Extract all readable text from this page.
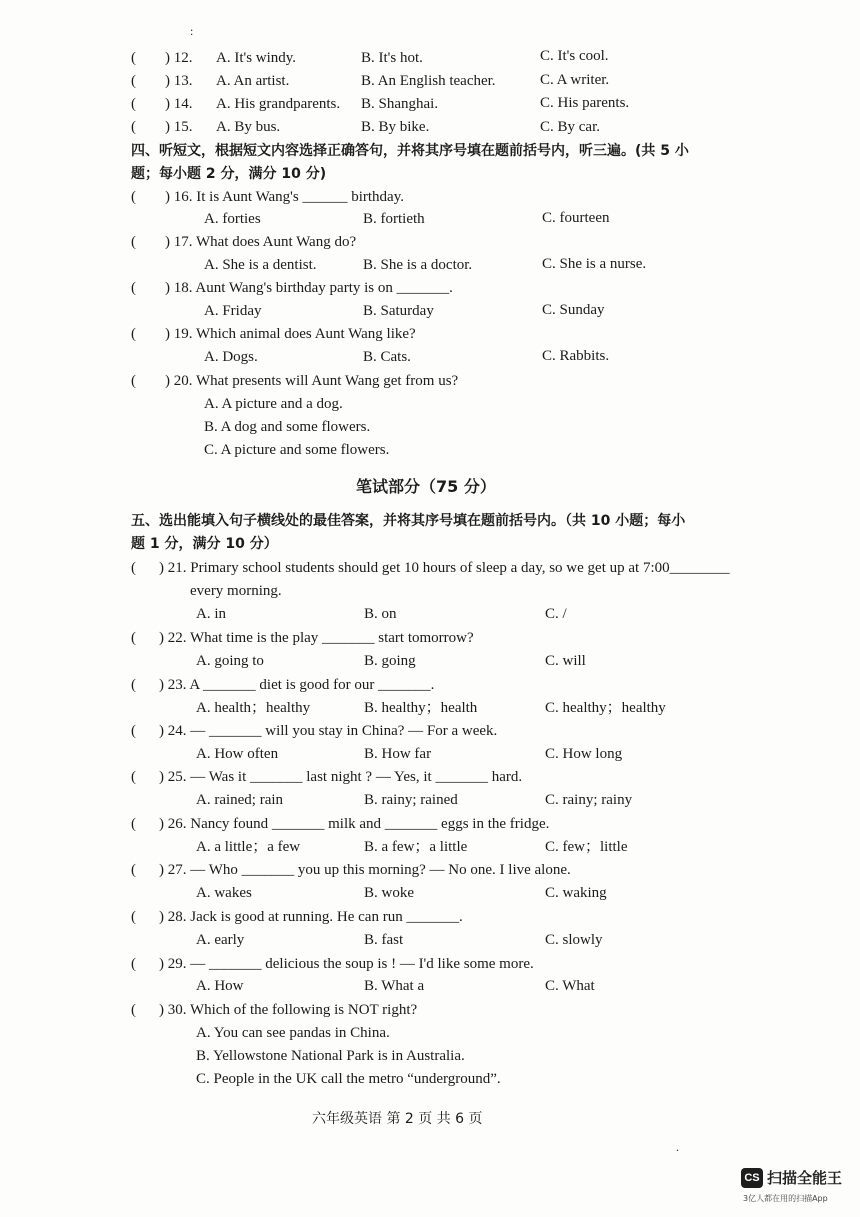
:
( ) 12. A. It's windy.	B. It's hot.	C. It's cool.
( ) 13. A. An artist.	B. An English teacher.	C. A writer.
( ) 14. A. His grandparents. B. Shanghai.	C. His parents.
( ) 15. A. By bus.	B. By bike.	C. By car.
四、听短文，根据短文内容选择正确答句，并将其序号填在题前括号内，听三遍。(共 5 小
题；每小题 2 分，满分 10 分)
( ) 16. It is Aunt Wang's ______ birthday.
A. forties	B. fortieth	C. fourteen
( ) 17. What does Aunt Wang do?
A. She is a dentist.	B. She is a doctor.	C. She is a nurse.
( ) 18. Aunt Wang's birthday party is on _______.
A. Friday	B. Saturday	C. Sunday
( ) 19. Which animal does Aunt Wang like?
A. Dogs.	B. Cats.	C. Rabbits.
( ) 20. What presents will Aunt Wang get from us?
A. A picture and a dog.
B. A dog and some flowers.
C. A picture and some flowers.
笔试部分（75 分）
五、选出能填入句子横线处的最佳答案，并将其序号填在题前括号内。（共 10 小题；每小
题 1 分，满分 10 分）
( ) 21. Primary school students should get 10 hours of sleep a day, so we get up at 7:00________
every morning.
A. in	B. on	C. /
( ) 22. What time is the play _______ start tomorrow?
A. going to	B. going	C. will
( ) 23. A _______ diet is good for our _______.
A. health；healthy	B. healthy；health	C. healthy；healthy
( ) 24. — _______ will you stay in China? — For a week.
A. How often	B. How far	C. How long
( ) 25. — Was it _______ last night ? — Yes, it _______ hard.
A. rained; rain	B. rainy; rained	C. rainy; rainy
( ) 26. Nancy found _______ milk and _______ eggs in the fridge.
A. a little；a few	B. a few；a little	C. few；little
( ) 27. — Who _______ you up this morning? — No one. I live alone.
A. wakes	B. woke	C. waking
( ) 28. Jack is good at running. He can run _______.
A. early	B. fast	C. slowly
( ) 29. — _______ delicious the soup is ! — I'd like some more.
A. How	B. What a	C. What
( ) 30. Which of the following is NOT right?
A. You can see pandas in China.
B. Yellowstone National Park is in Australia.
C. People in the UK call the metro “underground”.
六年级英语 第 2 页 共 6 页
.
CS 扫描全能王
3亿人都在用的扫描App
